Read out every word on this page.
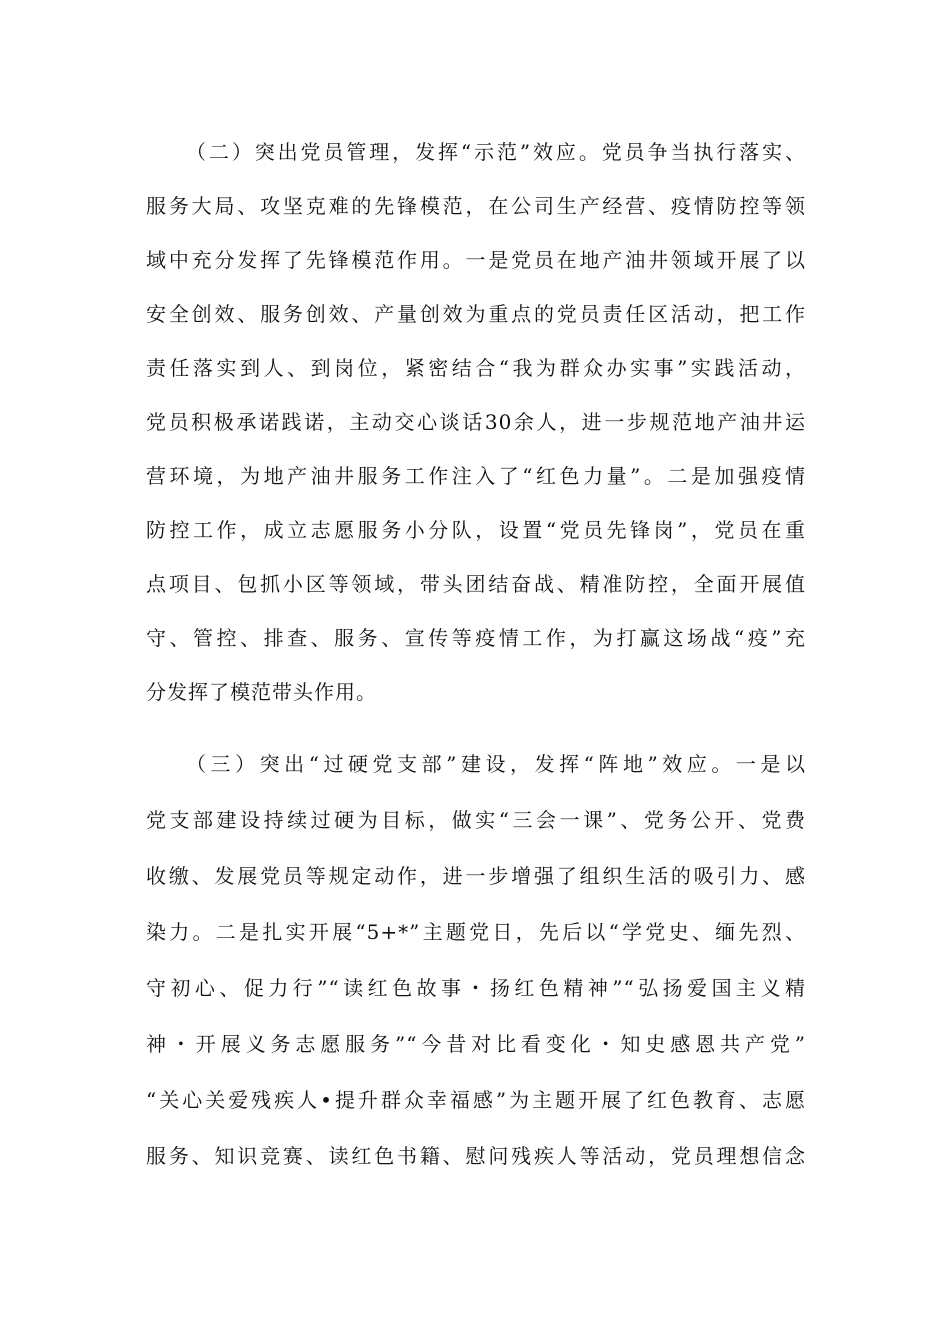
（二）突出党员管理，发挥“示范”效应。党员争当执行落实、
服务大局、攻坚克难的先锋模范，在公司生产经营、疫情防控等领
域中充分发挥了先锋模范作用。一是党员在地产油井领域开展了以
安全创效、服务创效、产量创效为重点的党员责任区活动，把工作
责任落实到人、到岗位，紧密结合“我为群众办实事”实践活动，
党员积极承诺践诺，主动交心谈话30余人，进一步规范地产油井运
营环境，为地产油井服务工作注入了“红色力量”。二是加强疫情
防控工作，成立志愿服务小分队，设置“党员先锋岗”，党员在重
点项目、包抓小区等领域，带头团结奋战、精准防控，全面开展值
守、管控、排查、服务、宣传等疫情工作，为打赢这场战“疫”充
分发挥了模范带头作用。
（三）突出“过硬党支部”建设，发挥“阵地”效应。一是以
党支部建设持续过硬为目标，做实“三会一课”、党务公开、党费
收缴、发展党员等规定动作，进一步增强了组织生活的吸引力、感
染力。二是扎实开展“5+*”主题党日，先后以“学党史、缅先烈、
守初心、促力行”“读红色故事・扬红色精神”“弘扬爱国主义精
神・开展义务志愿服务”“今昔对比看变化・知史感恩共产党”
“关心关爱残疾人•提升群众幸福感”为主题开展了红色教育、志愿
服务、知识竞赛、读红色书籍、慰问残疾人等活动，党员理想信念
